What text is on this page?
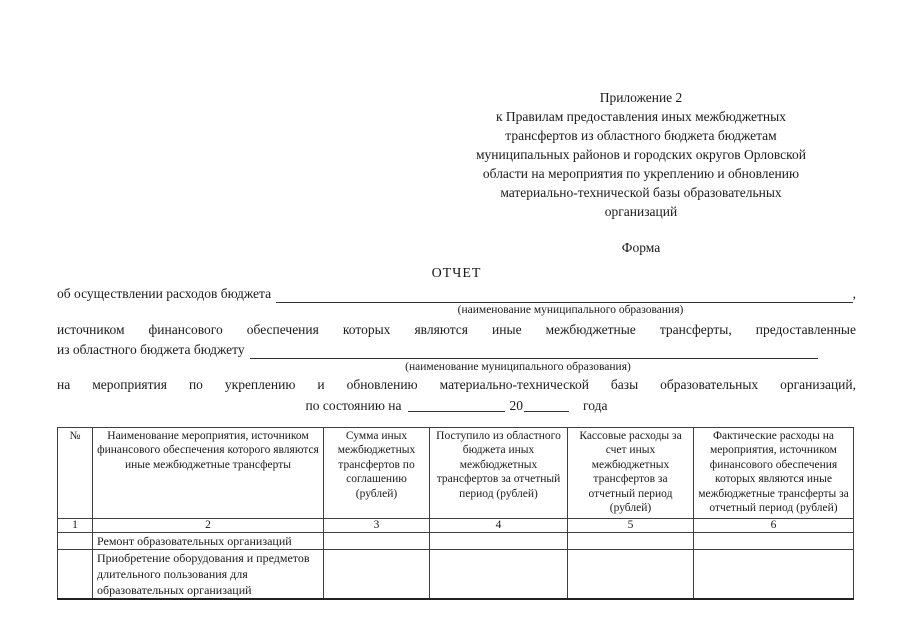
Приложение 2
к Правилам предоставления иных межбюджетных
трансфертов из областного бюджета бюджетам
муниципальных районов и городских округов Орловской
области на мероприятия по укреплению и обновлению
материально-технической базы образовательных
организаций
Форма
ОТЧЕТ
об осуществлении расходов бюджета	,
(наименование муниципального образования)
источником финансового обеспечения которых являются иные межбюджетные трансферты, предоставленные
из областного бюджета бюджету
(наименование муниципального образования)
на мероприятия по укреплению и обновлению материально-технической базы образовательных организаций,
по состоянию на	20	года
№	Наименование мероприятия, источником финансового обеспечения которого являются иные межбюджетные трансферты	Сумма иных межбюджетных трансфертов по соглашению (рублей)	Поступило из областного бюджета иных межбюджетных трансфертов за отчетный период (рублей)	Кассовые расходы за счет иных межбюджетных трансфертов за отчетный период (рублей)	Фактические расходы на мероприятия, источником финансового обеспечения которых являются иные межбюджетные трансферты за отчетный период (рублей)
1	2	3	4	5	6
	Ремонт образовательных организаций				
	Приобретение оборудования и предметов длительного пользования для образовательных организаций				
